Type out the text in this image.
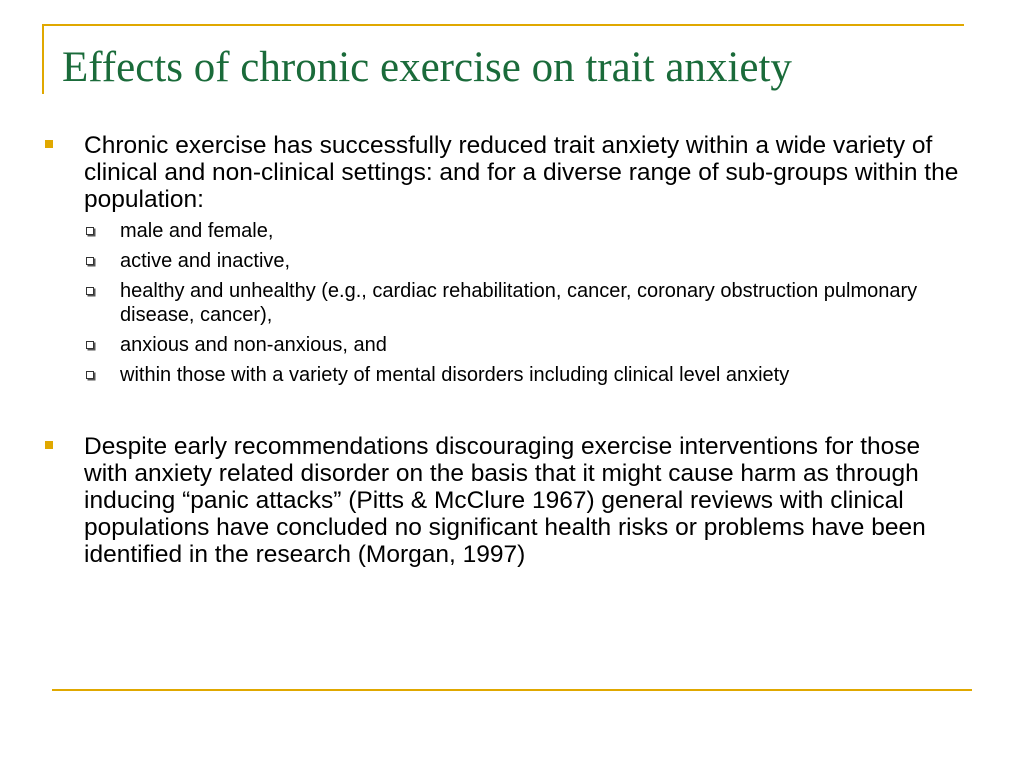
Effects of chronic exercise on trait anxiety
Chronic exercise has successfully reduced trait anxiety within a wide variety of clinical and non-clinical settings: and for a diverse range of sub-groups within the population:
male and female,
active and inactive,
healthy and unhealthy (e.g., cardiac rehabilitation, cancer, coronary obstruction pulmonary disease, cancer),
anxious and non-anxious, and
within those with a variety of mental disorders including clinical level anxiety
Despite early recommendations discouraging exercise interventions for those with anxiety related disorder on the basis that it might cause harm as through inducing “panic attacks” (Pitts & McClure 1967) general reviews with clinical populations have concluded no significant health risks or problems have been identified in the research (Morgan, 1997)
